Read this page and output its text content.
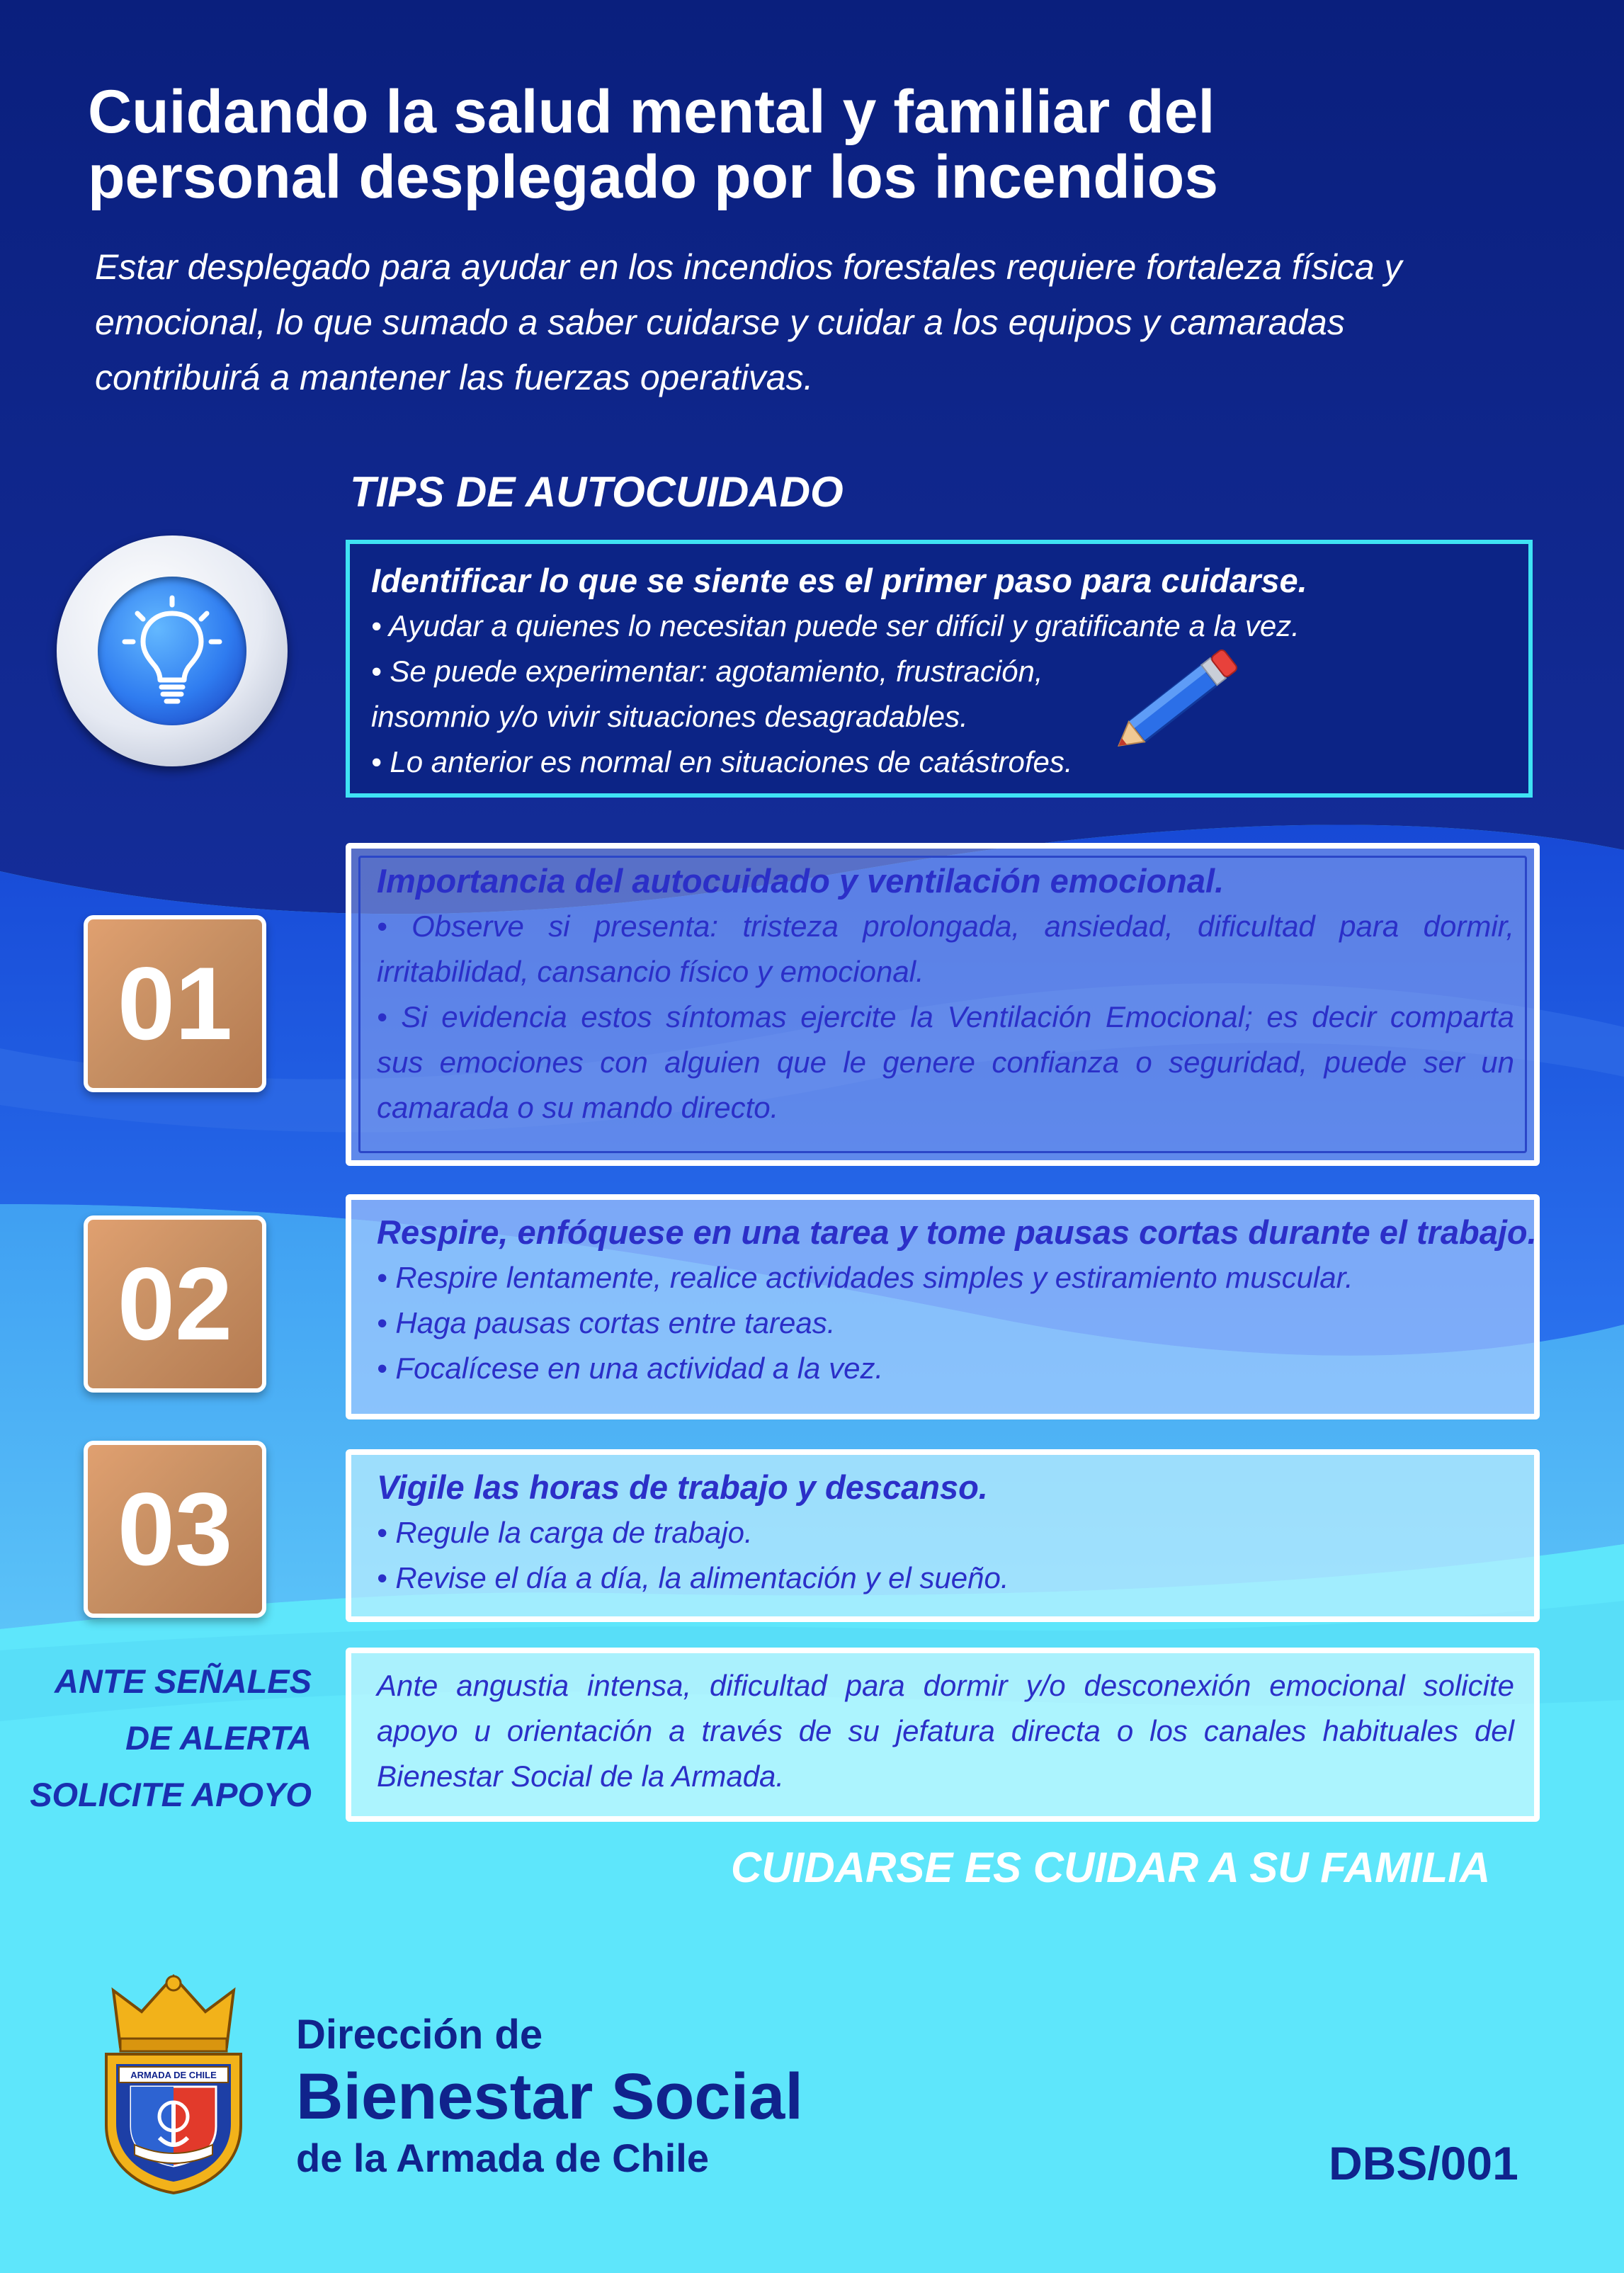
Cuidando la salud mental y familiar del
personal desplegado por los incendios
Estar desplegado para ayudar en los incendios forestales requiere fortaleza física y
emocional, lo que sumado a saber cuidarse y cuidar a los equipos y camaradas
contribuirá a mantener las fuerzas operativas.
TIPS DE AUTOCUIDADO
Identificar lo que se siente es el primer paso para cuidarse.
• Ayudar a quienes lo necesitan puede ser difícil y gratificante a la vez.
• Se puede experimentar: agotamiento, frustración,
insomnio y/o vivir situaciones desagradables.
• Lo anterior es normal en situaciones de catástrofes.
01
Importancia del autocuidado y ventilación emocional.
• Observe si presenta: tristeza prolongada, ansiedad, dificultad para dormir,
irritabilidad, cansancio físico y emocional.
• Si evidencia estos síntomas ejercite la Ventilación Emocional; es decir comparta
sus emociones con alguien que le genere confianza o seguridad, puede ser un
camarada o su mando directo.
02
Respire, enfóquese en una tarea y tome pausas cortas durante el trabajo.
• Respire lentamente, realice actividades simples y estiramiento muscular.
• Haga pausas cortas entre tareas.
• Focalícese en una actividad a la vez.
03	Vigile las horas de trabajo y descanso.
• Regule la carga de trabajo.
• Revise el día a día, la alimentación y el sueño.
ANTE SEÑALES
DE ALERTA
SOLICITE APOYO
Ante angustia intensa, dificultad para dormir y/o desconexión emocional solicite
apoyo u orientación a través de su jefatura directa o los canales habituales del
Bienestar Social de la Armada.
CUIDARSE ES CUIDAR A SU FAMILIA
ARMADA DE CHILE
Dirección de
Bienestar Social
de la Armada de Chile	DBS/001
